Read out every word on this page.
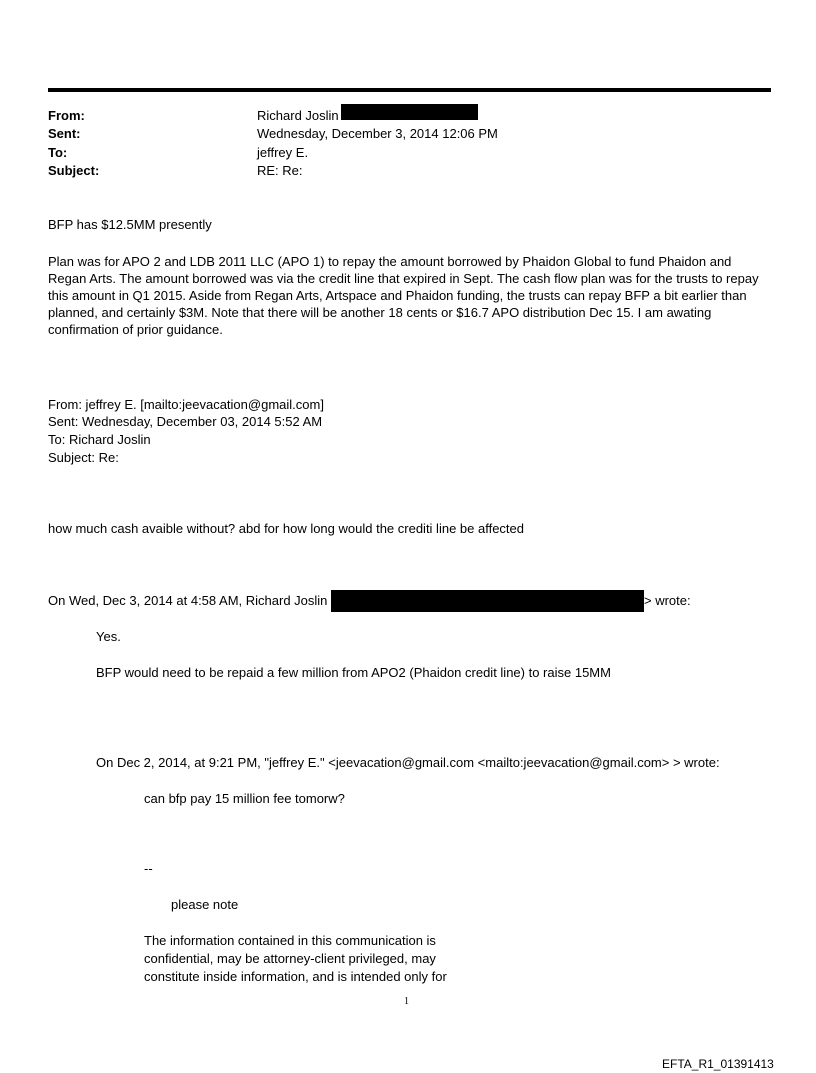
From:	Richard Joslin
Sent:	Wednesday, December 3, 2014 12:06 PM
To:	jeffrey E.
Subject:	RE: Re:
BFP has $12.5MM presently
Plan was for APO 2 and LDB 2011 LLC (APO 1) to repay the amount borrowed by Phaidon Global to fund Phaidon and Regan Arts. The amount borrowed was via the credit line that expired in Sept. The cash flow plan was for the trusts to repay this amount in Q1 2015. Aside from Regan Arts, Artspace and Phaidon funding, the trusts can repay BFP a bit earlier than planned, and certainly $3M. Note that there will be another 18 cents or $16.7 APO distribution Dec 15. I am awating confirmation of prior guidance.
From: jeffrey E. [mailto:jeevacation@gmail.com]
Sent: Wednesday, December 03, 2014 5:52 AM
To: Richard Joslin
Subject: Re:
how much cash avaible without? abd for how long would the crediti line be affected
On Wed, Dec 3, 2014 at 4:58 AM, Richard Joslin	> wrote:
Yes.
BFP would need to be repaid a few million from APO2 (Phaidon credit line) to raise 15MM
On Dec 2, 2014, at 9:21 PM, "jeffrey E." <jeevacation@gmail.com <mailto:jeevacation@gmail.com> > wrote:
can bfp pay 15 million fee tomorw?
--
please note
The information contained in this communication is
confidential, may be attorney-client privileged, may
constitute inside information, and is intended only for
1
EFTA_R1_01391413
